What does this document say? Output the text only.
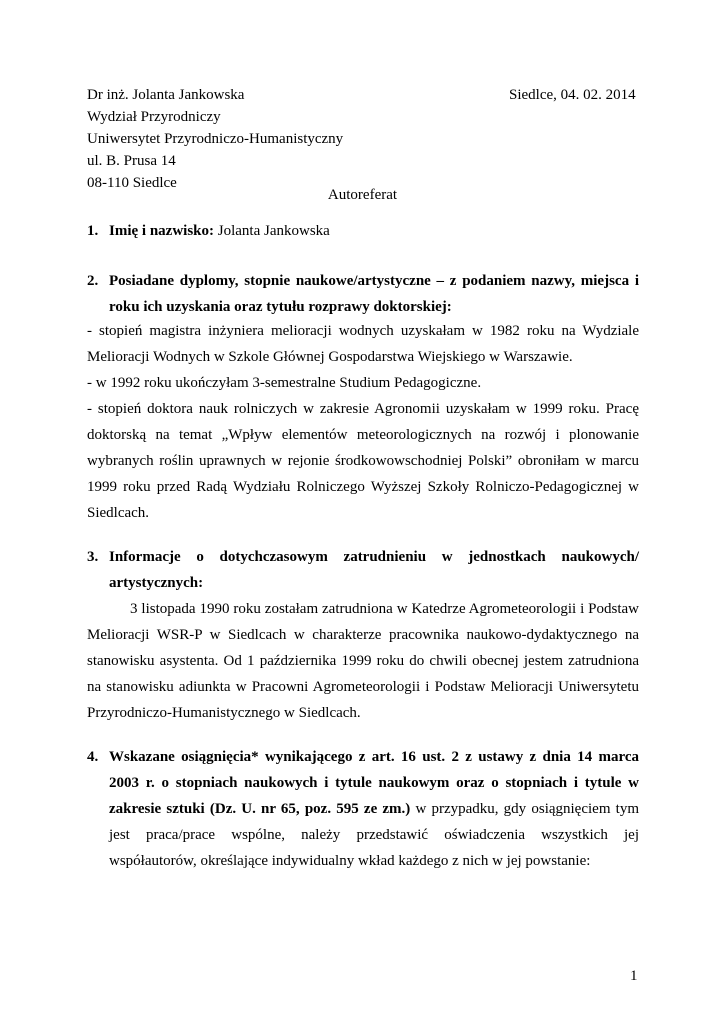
Dr inż. Jolanta Jankowska
Wydział Przyrodniczy
Uniwersytet Przyrodniczo-Humanistyczny
ul. B. Prusa 14
08-110 Siedlce
Siedlce, 04. 02. 2014
Autoreferat
1. Imię i nazwisko: Jolanta Jankowska
2. Posiadane dyplomy, stopnie naukowe/artystyczne – z podaniem nazwy, miejsca i roku ich uzyskania oraz tytułu rozprawy doktorskiej:

- stopień magistra inżyniera melioracji wodnych uzyskałam w 1982 roku na Wydziale Melioracji Wodnych w Szkole Głównej Gospodarstwa Wiejskiego w Warszawie.

- w 1992 roku ukończyłam 3-semestralne Studium Pedagogiczne.

- stopień doktora nauk rolniczych w zakresie Agronomii uzyskałam w 1999 roku. Pracę doktorską na temat „Wpływ elementów meteorologicznych na rozwój i plonowanie wybranych roślin uprawnych w rejonie środkowowschodniej Polski” obroniłam w marcu 1999 roku przed Radą Wydziału Rolniczego Wyższej Szkoły Rolniczo-Pedagogicznej w Siedlcach.

3. Informacje o dotychczasowym zatrudnieniu w jednostkach naukowych/ artystycznych:

3 listopada 1990 roku zostałam zatrudniona w Katedrze Agrometeorologii i Podstaw Melioracji WSR-P w Siedlcach w charakterze pracownika naukowo-dydaktycznego na stanowisku asystenta. Od 1 października 1999 roku do chwili obecnej jestem zatrudniona na stanowisku adiunkta w Pracowni Agrometeorologii i Podstaw Melioracji Uniwersytetu Przyrodniczo-Humanistycznego w Siedlcach.

4. Wskazane osiągnięcia* wynikającego z art. 16 ust. 2 z ustawy z dnia 14 marca 2003 r. o stopniach naukowych i tytule naukowym oraz o stopniach i tytule w zakresie sztuki (Dz. U. nr 65, poz. 595 ze zm.) w przypadku, gdy osiągnięciem tym jest praca/prace wspólne, należy przedstawić oświadczenia wszystkich jej współautorów, określające indywidualny wkład każdego z nich w jej powstanie:
1
